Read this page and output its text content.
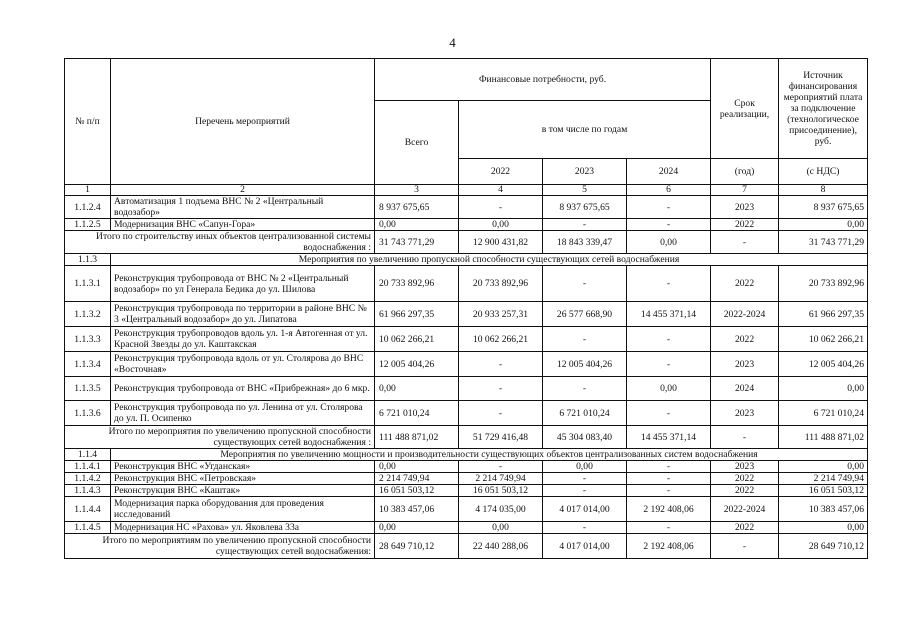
4
№ п/п	Перечень мероприятий	Финансовые потребности, руб.				Срок реализации,	Источник финансирования мероприятий плата за подключение (технологическое присоединение), руб.
		Всего	в том числе по годам				
			2022	2023	2024	(год)	(с НДС)
1	2	3	4	5	6	7	8
1.1.2.4	Автоматизация 1 подъема ВНС № 2 «Центральный водозабор»	8 937 675,65	-	8 937 675,65	-	2023	8 937 675,65
1.1.2.5	Модернизация ВНС «Сапун-Гора»	0,00	0,00	-	-	2022	0,00
Итого по строительству иных объектов централизованной системы водоснабжения :		31 743 771,29	12 900 431,82	18 843 339,47	0,00	-	31 743 771,29
1.1.3	Мероприятия по увеличению пропускной способности существующих сетей водоснабжения						
1.1.3.1	Реконструкция трубопровода от ВНС № 2 «Центральный водозабор» по ул Генерала Бедика до ул. Шилова	20 733 892,96	20 733 892,96	-	-	2022	20 733 892,96
1.1.3.2	Реконструкция трубопровода по территории в районе ВНС № 3 «Центральный водозабор» до ул. Липатова	61 966 297,35	20 933 257,31	26 577 668,90	14 455 371,14	2022-2024	61 966 297,35
1.1.3.3	Реконструкция трубопроводов вдоль ул. 1-я Автогенная от ул. Красной Звезды до ул. Каштакская	10 062 266,21	10 062 266,21	-	-	2022	10 062 266,21
1.1.3.4	Реконструкция трубопровода вдоль от ул. Столярова до ВНС «Восточная»	12 005 404,26	-	12 005 404,26	-	2023	12 005 404,26
1.1.3.5	Реконструкция трубопровода от ВНС «Прибрежная» до 6 мкр.	0,00	-	-	0,00	2024	0,00
1.1.3.6	Реконструкция трубопровода по ул. Ленина от ул. Столярова до ул. П. Осипенко	6 721 010,24	-	6 721 010,24	-	2023	6 721 010,24
Итого по мероприятия по увеличению пропускной способности существующих сетей водоснабжения :		111 488 871,02	51 729 416,48	45 304 083,40	14 455 371,14	-	111 488 871,02
1.1.4	Мероприятия по увеличению мощности и производительности существующих объектов централизованных систем водоснабжения						
1.1.4.1	Реконструкция ВНС «Угданская»	0,00	-	0,00	-	2023	0,00
1.1.4.2	Реконструкция ВНС «Петровская»	2 214 749,94	2 214 749,94	-	-	2022	2 214 749,94
1.1.4.3	Реконструкция ВНС «Каштак»	16 051 503,12	16 051 503,12	-	-	2022	16 051 503,12
1.1.4.4	Модернизация парка оборудования для проведения исследований	10 383 457,06	4 174 035,00	4 017 014,00	2 192 408,06	2022-2024	10 383 457,06
1.1.4.5	Модернизация НС «Рахова» ул. Яковлева 33а	0,00	0,00	-	-	2022	0,00
Итого по мероприятиям по увеличению пропускной способности существующих сетей водоснабжения:		28 649 710,12	22 440 288,06	4 017 014,00	2 192 408,06	-	28 649 710,12
